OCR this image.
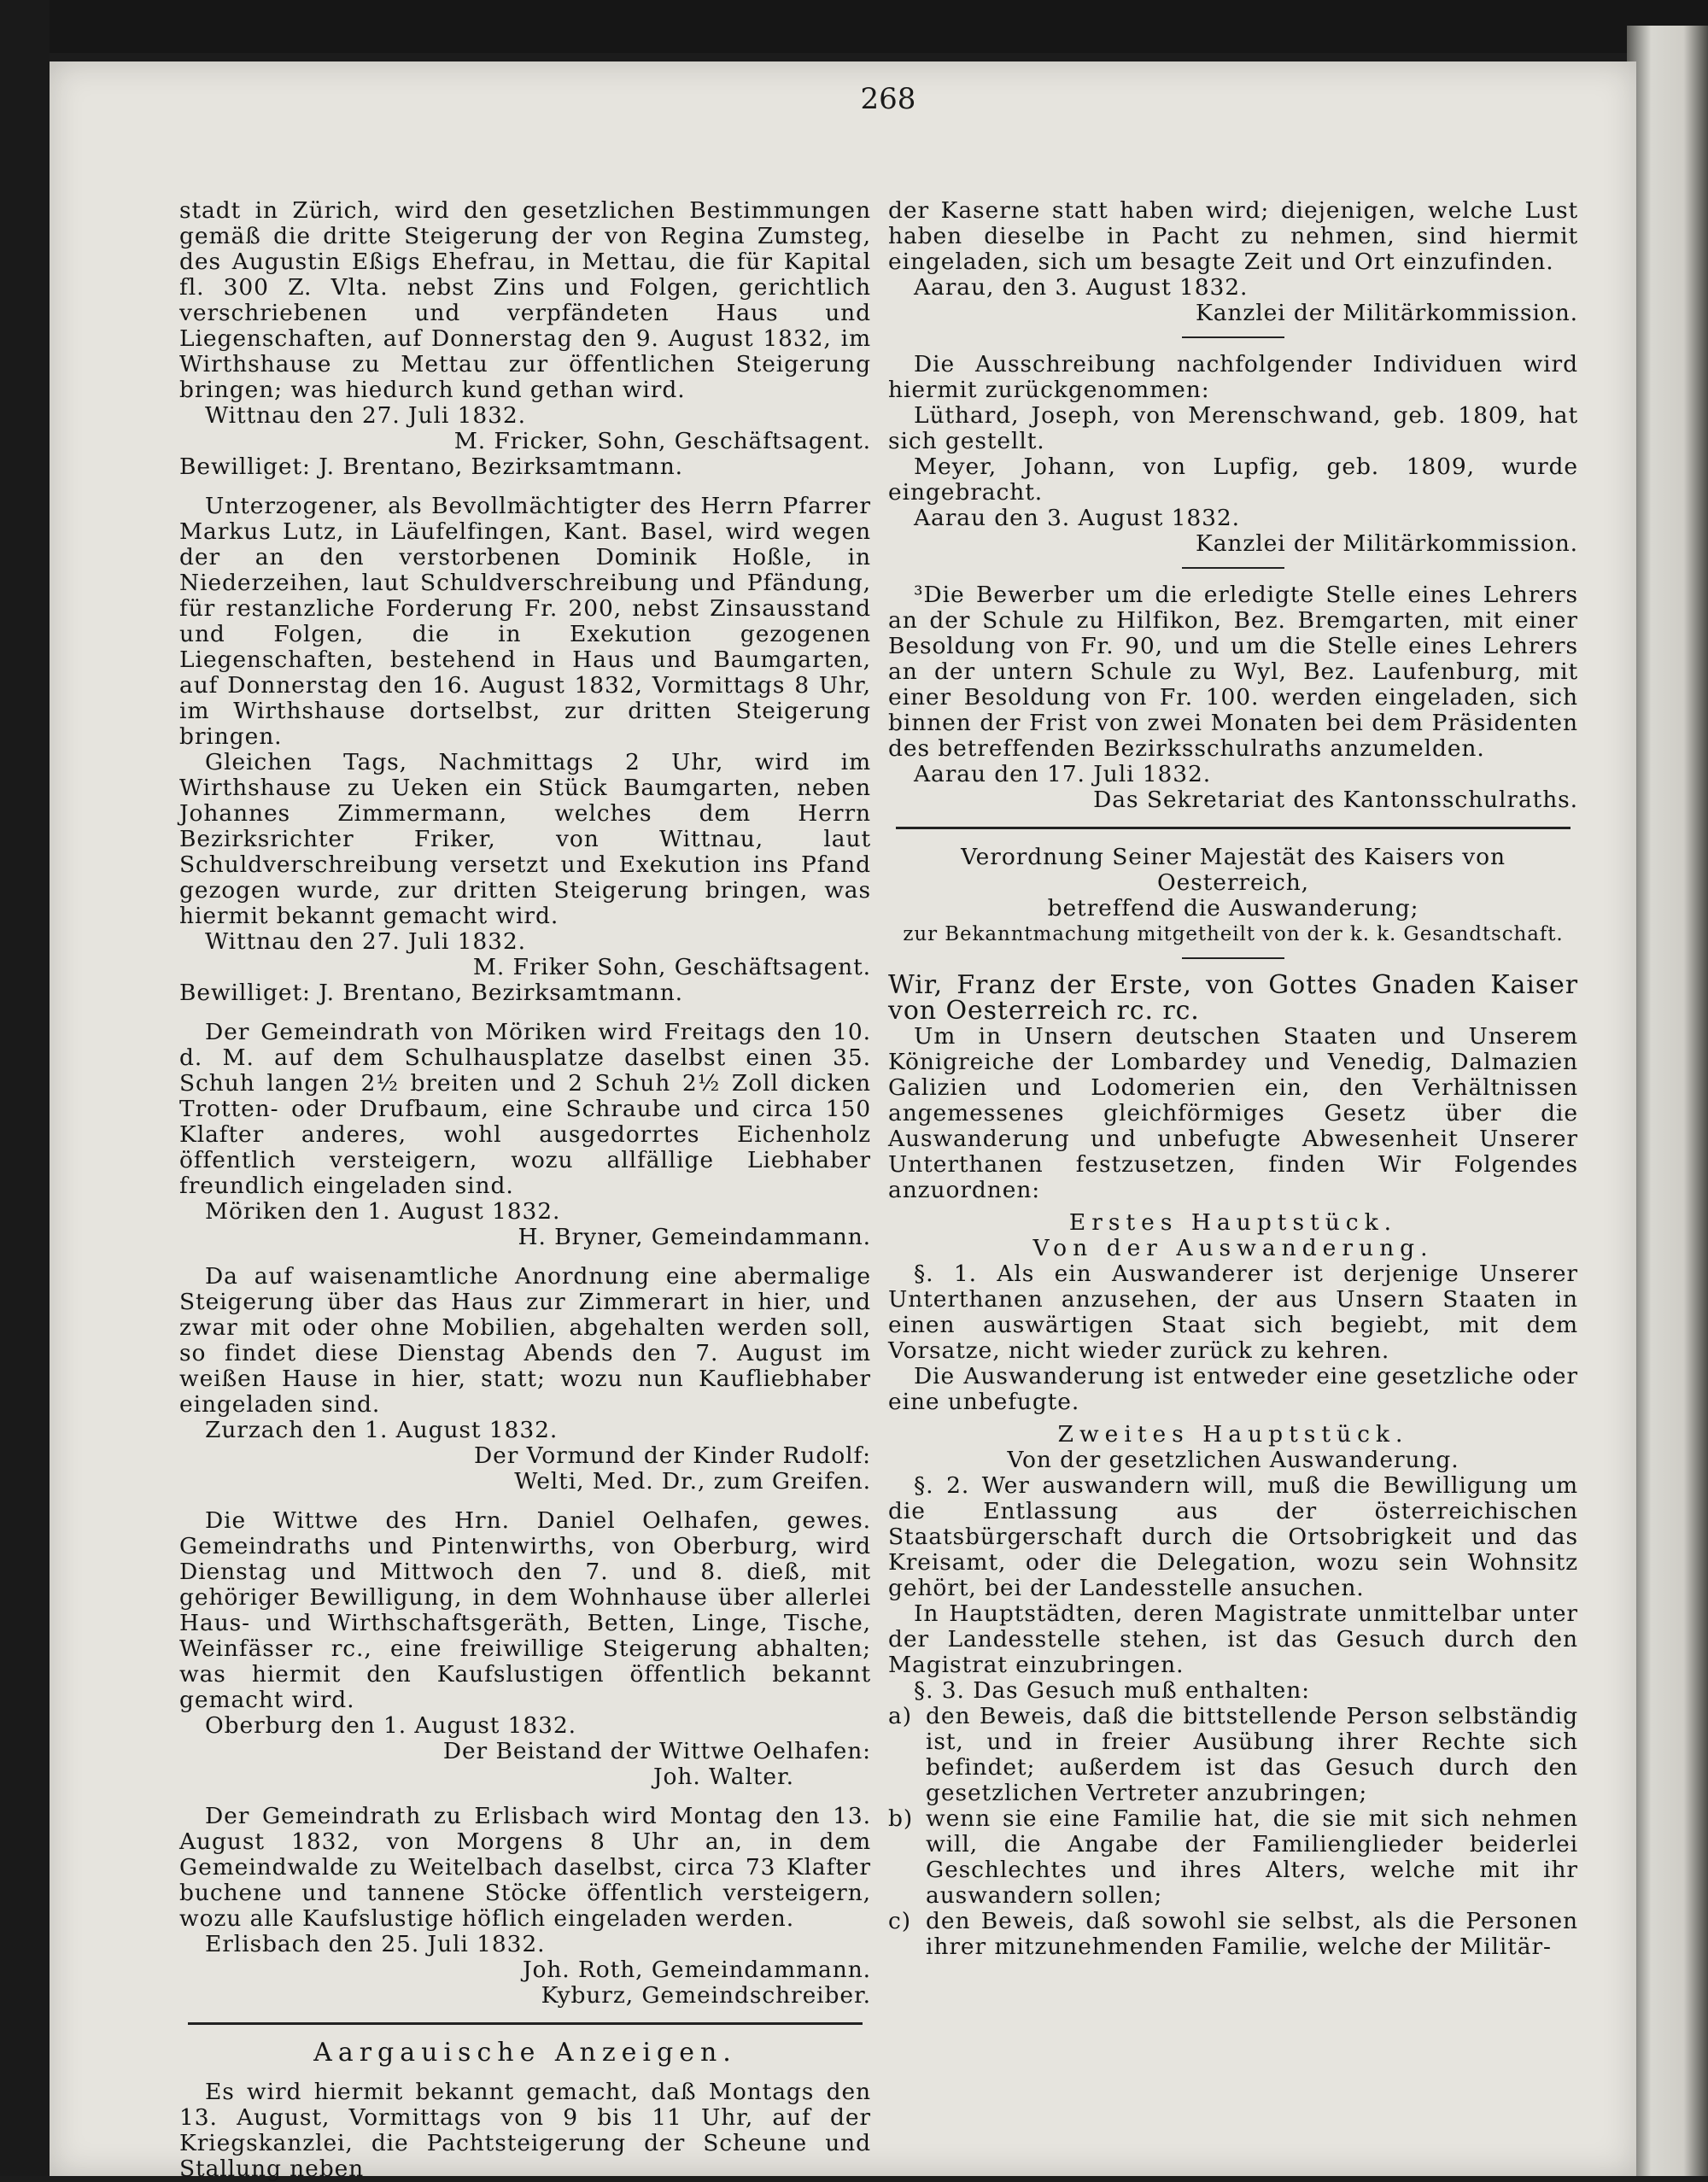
268

stadt in Zürich, wird den gesetzlichen Bestimmungen gemäß die dritte Steigerung der von Regina Zumsteg, des Augustin Eßigs Ehefrau, in Mettau, die für Kapital fl. 300 Z. Vlta. nebst Zins und Folgen, gerichtlich verschriebenen und verpfändeten Haus und Liegenschaften, auf Donnerstag den 9. August 1832, im Wirthshause zu Mettau zur öffentlichen Steigerung bringen; was hiedurch kund gethan wird.

Wittnau den 27. Juli 1832.

M. Fricker, Sohn, Geschäftsagent.

Bewilliget: J. Brentano, Bezirksamtmann.

Unterzogener, als Bevollmächtigter des Herrn Pfarrer Markus Lutz, in Läufelfingen, Kant. Basel, wird wegen der an den verstorbenen Dominik Hoßle, in Niederzeihen, laut Schuldverschreibung und Pfändung, für restanzliche Forderung Fr. 200, nebst Zinsausstand und Folgen, die in Exekution gezogenen Liegenschaften, bestehend in Haus und Baumgarten, auf Donnerstag den 16. August 1832, Vormittags 8 Uhr, im Wirthshause dortselbst, zur dritten Steigerung bringen.

Gleichen Tags, Nachmittags 2 Uhr, wird im Wirthshause zu Ueken ein Stück Baumgarten, neben Johannes Zimmermann, welches dem Herrn Bezirksrichter Friker, von Wittnau, laut Schuldverschreibung versetzt und Exekution ins Pfand gezogen wurde, zur dritten Steigerung bringen, was hiermit bekannt gemacht wird.

Wittnau den 27. Juli 1832.

M. Friker Sohn, Geschäftsagent.

Bewilliget: J. Brentano, Bezirksamtmann.

Der Gemeindrath von Möriken wird Freitags den 10. d. M. auf dem Schulhausplatze daselbst einen 35. Schuh langen 2½ breiten und 2 Schuh 2½ Zoll dicken Trotten- oder Drufbaum, eine Schraube und circa 150 Klafter anderes, wohl ausgedorrtes Eichenholz öffentlich versteigern, wozu allfällige Liebhaber freundlich eingeladen sind.

Möriken den 1. August 1832.

H. Bryner, Gemeindammann.

Da auf waisenamtliche Anordnung eine abermalige Steigerung über das Haus zur Zimmerart in hier, und zwar mit oder ohne Mobilien, abgehalten werden soll, so findet diese Dienstag Abends den 7. August im weißen Hause in hier, statt; wozu nun Kaufliebhaber eingeladen sind.

Zurzach den 1. August 1832.

Der Vormund der Kinder Rudolf:

Welti, Med. Dr., zum Greifen.

Die Wittwe des Hrn. Daniel Oelhafen, gewes. Gemeindraths und Pintenwirths, von Oberburg, wird Dienstag und Mittwoch den 7. und 8. dieß, mit gehöriger Bewilligung, in dem Wohnhause über allerlei Haus- und Wirthschaftsgeräth, Betten, Linge, Tische, Weinfässer rc., eine freiwillige Steigerung abhalten; was hiermit den Kaufslustigen öffentlich bekannt gemacht wird.

Oberburg den 1. August 1832.

Der Beistand der Wittwe Oelhafen:

Joh. Walter.

Der Gemeindrath zu Erlisbach wird Montag den 13. August 1832, von Morgens 8 Uhr an, in dem Gemeindwalde zu Weitelbach daselbst, circa 73 Klafter buchene und tannene Stöcke öffentlich versteigern, wozu alle Kaufslustige höflich eingeladen werden.

Erlisbach den 25. Juli 1832.

Joh. Roth, Gemeindammann.

Kyburz, Gemeindschreiber.

Aargauische Anzeigen.

Es wird hiermit bekannt gemacht, daß Montags den 13. August, Vormittags von 9 bis 11 Uhr, auf der Kriegskanzlei, die Pachtsteigerung der Scheune und Stallung neben

der Kaserne statt haben wird; diejenigen, welche Lust haben dieselbe in Pacht zu nehmen, sind hiermit eingeladen, sich um besagte Zeit und Ort einzufinden.

Aarau, den 3. August 1832.

Kanzlei der Militärkommission.

Die Ausschreibung nachfolgender Individuen wird hiermit zurückgenommen:

Lüthard, Joseph, von Merenschwand, geb. 1809, hat sich gestellt.

Meyer, Johann, von Lupfig, geb. 1809, wurde eingebracht.

Aarau den 3. August 1832.

Kanzlei der Militärkommission.

³Die Bewerber um die erledigte Stelle eines Lehrers an der Schule zu Hilfikon, Bez. Bremgarten, mit einer Besoldung von Fr. 90, und um die Stelle eines Lehrers an der untern Schule zu Wyl, Bez. Laufenburg, mit einer Besoldung von Fr. 100. werden eingeladen, sich binnen der Frist von zwei Monaten bei dem Präsidenten des betreffenden Bezirksschulraths anzumelden.

Aarau den 17. Juli 1832.

Das Sekretariat des Kantonsschulraths.

Verordnung Seiner Majestät des Kaisers von Oesterreich,

betreffend die Auswanderung;

zur Bekanntmachung mitgetheilt von der k. k. Gesandtschaft.

Wir, Franz der Erste, von Gottes Gnaden Kaiser von Oesterreich rc. rc.

Um in Unsern deutschen Staaten und Unserem Königreiche der Lombardey und Venedig, Dalmazien Galizien und Lodomerien ein, den Verhältnissen angemessenes gleichförmiges Gesetz über die Auswanderung und unbefugte Abwesenheit Unserer Unterthanen festzusetzen, finden Wir Folgendes anzuordnen:

Erstes Hauptstück.

Von der Auswanderung.

§. 1. Als ein Auswanderer ist derjenige Unserer Unterthanen anzusehen, der aus Unsern Staaten in einen auswärtigen Staat sich begiebt, mit dem Vorsatze, nicht wieder zurück zu kehren.

Die Auswanderung ist entweder eine gesetzliche oder eine unbefugte.

Zweites Hauptstück.

Von der gesetzlichen Auswanderung.

§. 2. Wer auswandern will, muß die Bewilligung um die Entlassung aus der österreichischen Staatsbürgerschaft durch die Ortsobrigkeit und das Kreisamt, oder die Delegation, wozu sein Wohnsitz gehört, bei der Landesstelle ansuchen.

In Hauptstädten, deren Magistrate unmittelbar unter der Landesstelle stehen, ist das Gesuch durch den Magistrat einzubringen.

§. 3. Das Gesuch muß enthalten:

a) den Beweis, daß die bittstellende Person selbständig ist, und in freier Ausübung ihrer Rechte sich befindet; außerdem ist das Gesuch durch den gesetzlichen Vertreter anzubringen;
b) wenn sie eine Familie hat, die sie mit sich nehmen will, die Angabe der Familienglieder beiderlei Geschlechtes und ihres Alters, welche mit ihr auswandern sollen;
c) den Beweis, daß sowohl sie selbst, als die Personen ihrer mitzunehmenden Familie, welche der Militär-
